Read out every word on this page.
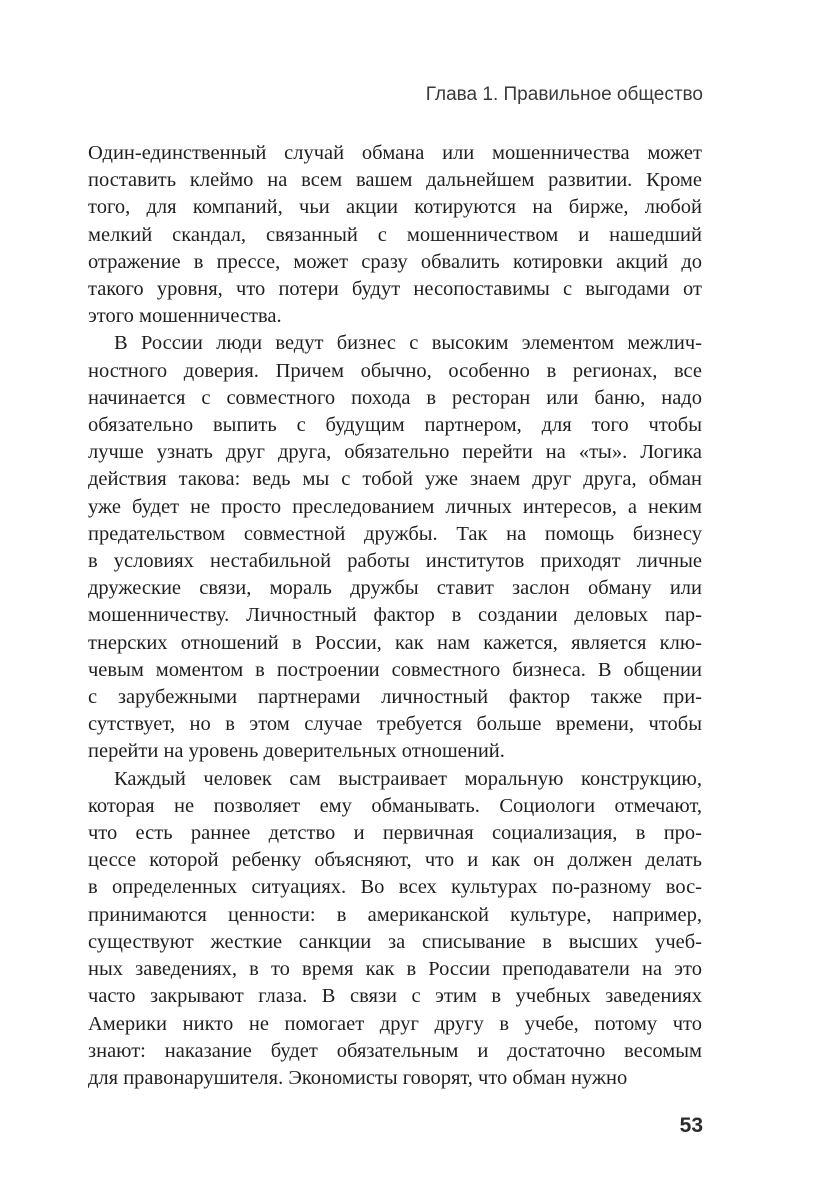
Глава 1. Правильное общество
Один-единственный случай обмана или мошенничества может
поставить клеймо на всем вашем дальнейшем развитии. Кроме
того, для компаний, чьи акции котируются на бирже, любой
мелкий скандал, связанный с мошенничеством и нашедший
отражение в прессе, может сразу обвалить котировки акций до
такого уровня, что потери будут несопоставимы с выгодами от
этого мошенничества.
В России люди ведут бизнес с высоким элементом межлич-
ностного доверия. Причем обычно, особенно в регионах, все
начинается с совместного похода в ресторан или баню, надо
обязательно выпить с будущим партнером, для того чтобы
лучше узнать друг друга, обязательно перейти на «ты». Логика
действия такова: ведь мы с тобой уже знаем друг друга, обман
уже будет не просто преследованием личных интересов, а неким
предательством совместной дружбы. Так на помощь бизнесу
в условиях нестабильной работы институтов приходят личные
дружеские связи, мораль дружбы ставит заслон обману или
мошенничеству. Личностный фактор в создании деловых пар-
тнерских отношений в России, как нам кажется, является клю-
чевым моментом в построении совместного бизнеса. В общении
с зарубежными партнерами личностный фактор также при-
сутствует, но в этом случае требуется больше времени, чтобы
перейти на уровень доверительных отношений.
Каждый человек сам выстраивает моральную конструкцию,
которая не позволяет ему обманывать. Социологи отмечают,
что есть раннее детство и первичная социализация, в про-
цессе которой ребенку объясняют, что и как он должен делать
в определенных ситуациях. Во всех культурах по-разному вос-
принимаются ценности: в американской культуре, например,
существуют жесткие санкции за списывание в высших учеб-
ных заведениях, в то время как в России преподаватели на это
часто закрывают глаза. В связи с этим в учебных заведениях
Америки никто не помогает друг другу в учебе, потому что
знают: наказание будет обязательным и достаточно весомым
для правонарушителя. Экономисты говорят, что обман нужно
53
